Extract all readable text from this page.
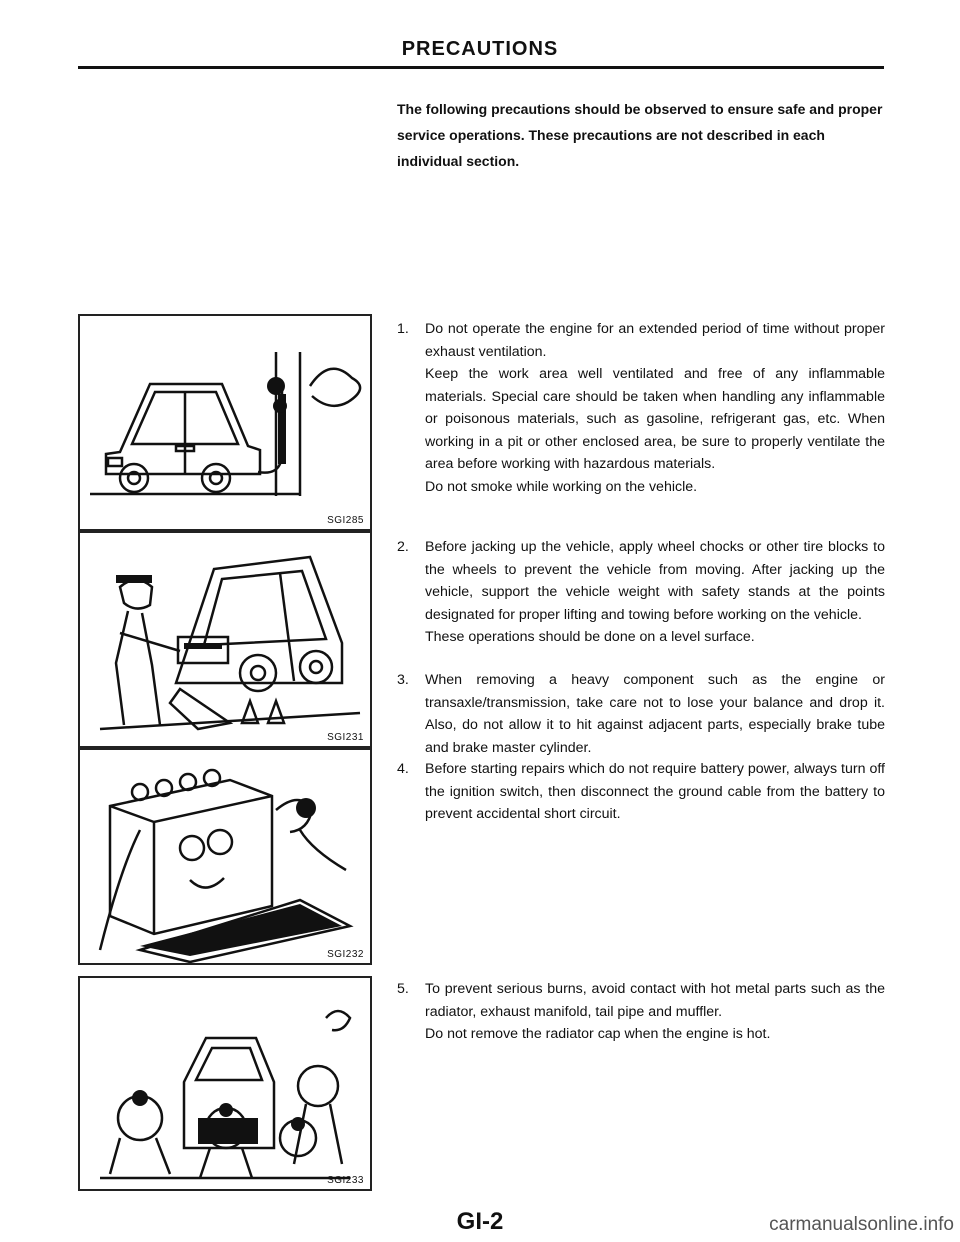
PRECAUTIONS

The following precautions should be observed to ensure safe and proper service operations. These precautions are not described in each individual section.

SGI285
SGI231
SGI232
SGI233
1. Do not operate the engine for an extended period of time without proper exhaust ventilation.

Keep the work area well ventilated and free of any inflammable materials. Special care should be taken when handling any inflammable or poisonous materials, such as gasoline, refrigerant gas, etc. When working in a pit or other enclosed area, be sure to properly ventilate the area before working with hazardous materials.

Do not smoke while working on the vehicle.

2. Before jacking up the vehicle, apply wheel chocks or other tire blocks to the wheels to prevent the vehicle from moving. After jacking up the vehicle, support the vehicle weight with safety stands at the points designated for proper lifting and towing before working on the vehicle.

These operations should be done on a level surface.

3. When removing a heavy component such as the engine or transaxle/transmission, take care not to lose your balance and drop it. Also, do not allow it to hit against adjacent parts, especially brake tube and brake master cylinder.

4. Before starting repairs which do not require battery power, always turn off the ignition switch, then disconnect the ground cable from the battery to prevent accidental short circuit.

5. To prevent serious burns, avoid contact with hot metal parts such as the radiator, exhaust manifold, tail pipe and muffler.

Do not remove the radiator cap when the engine is hot.

GI-2	carmanualsonline.info
